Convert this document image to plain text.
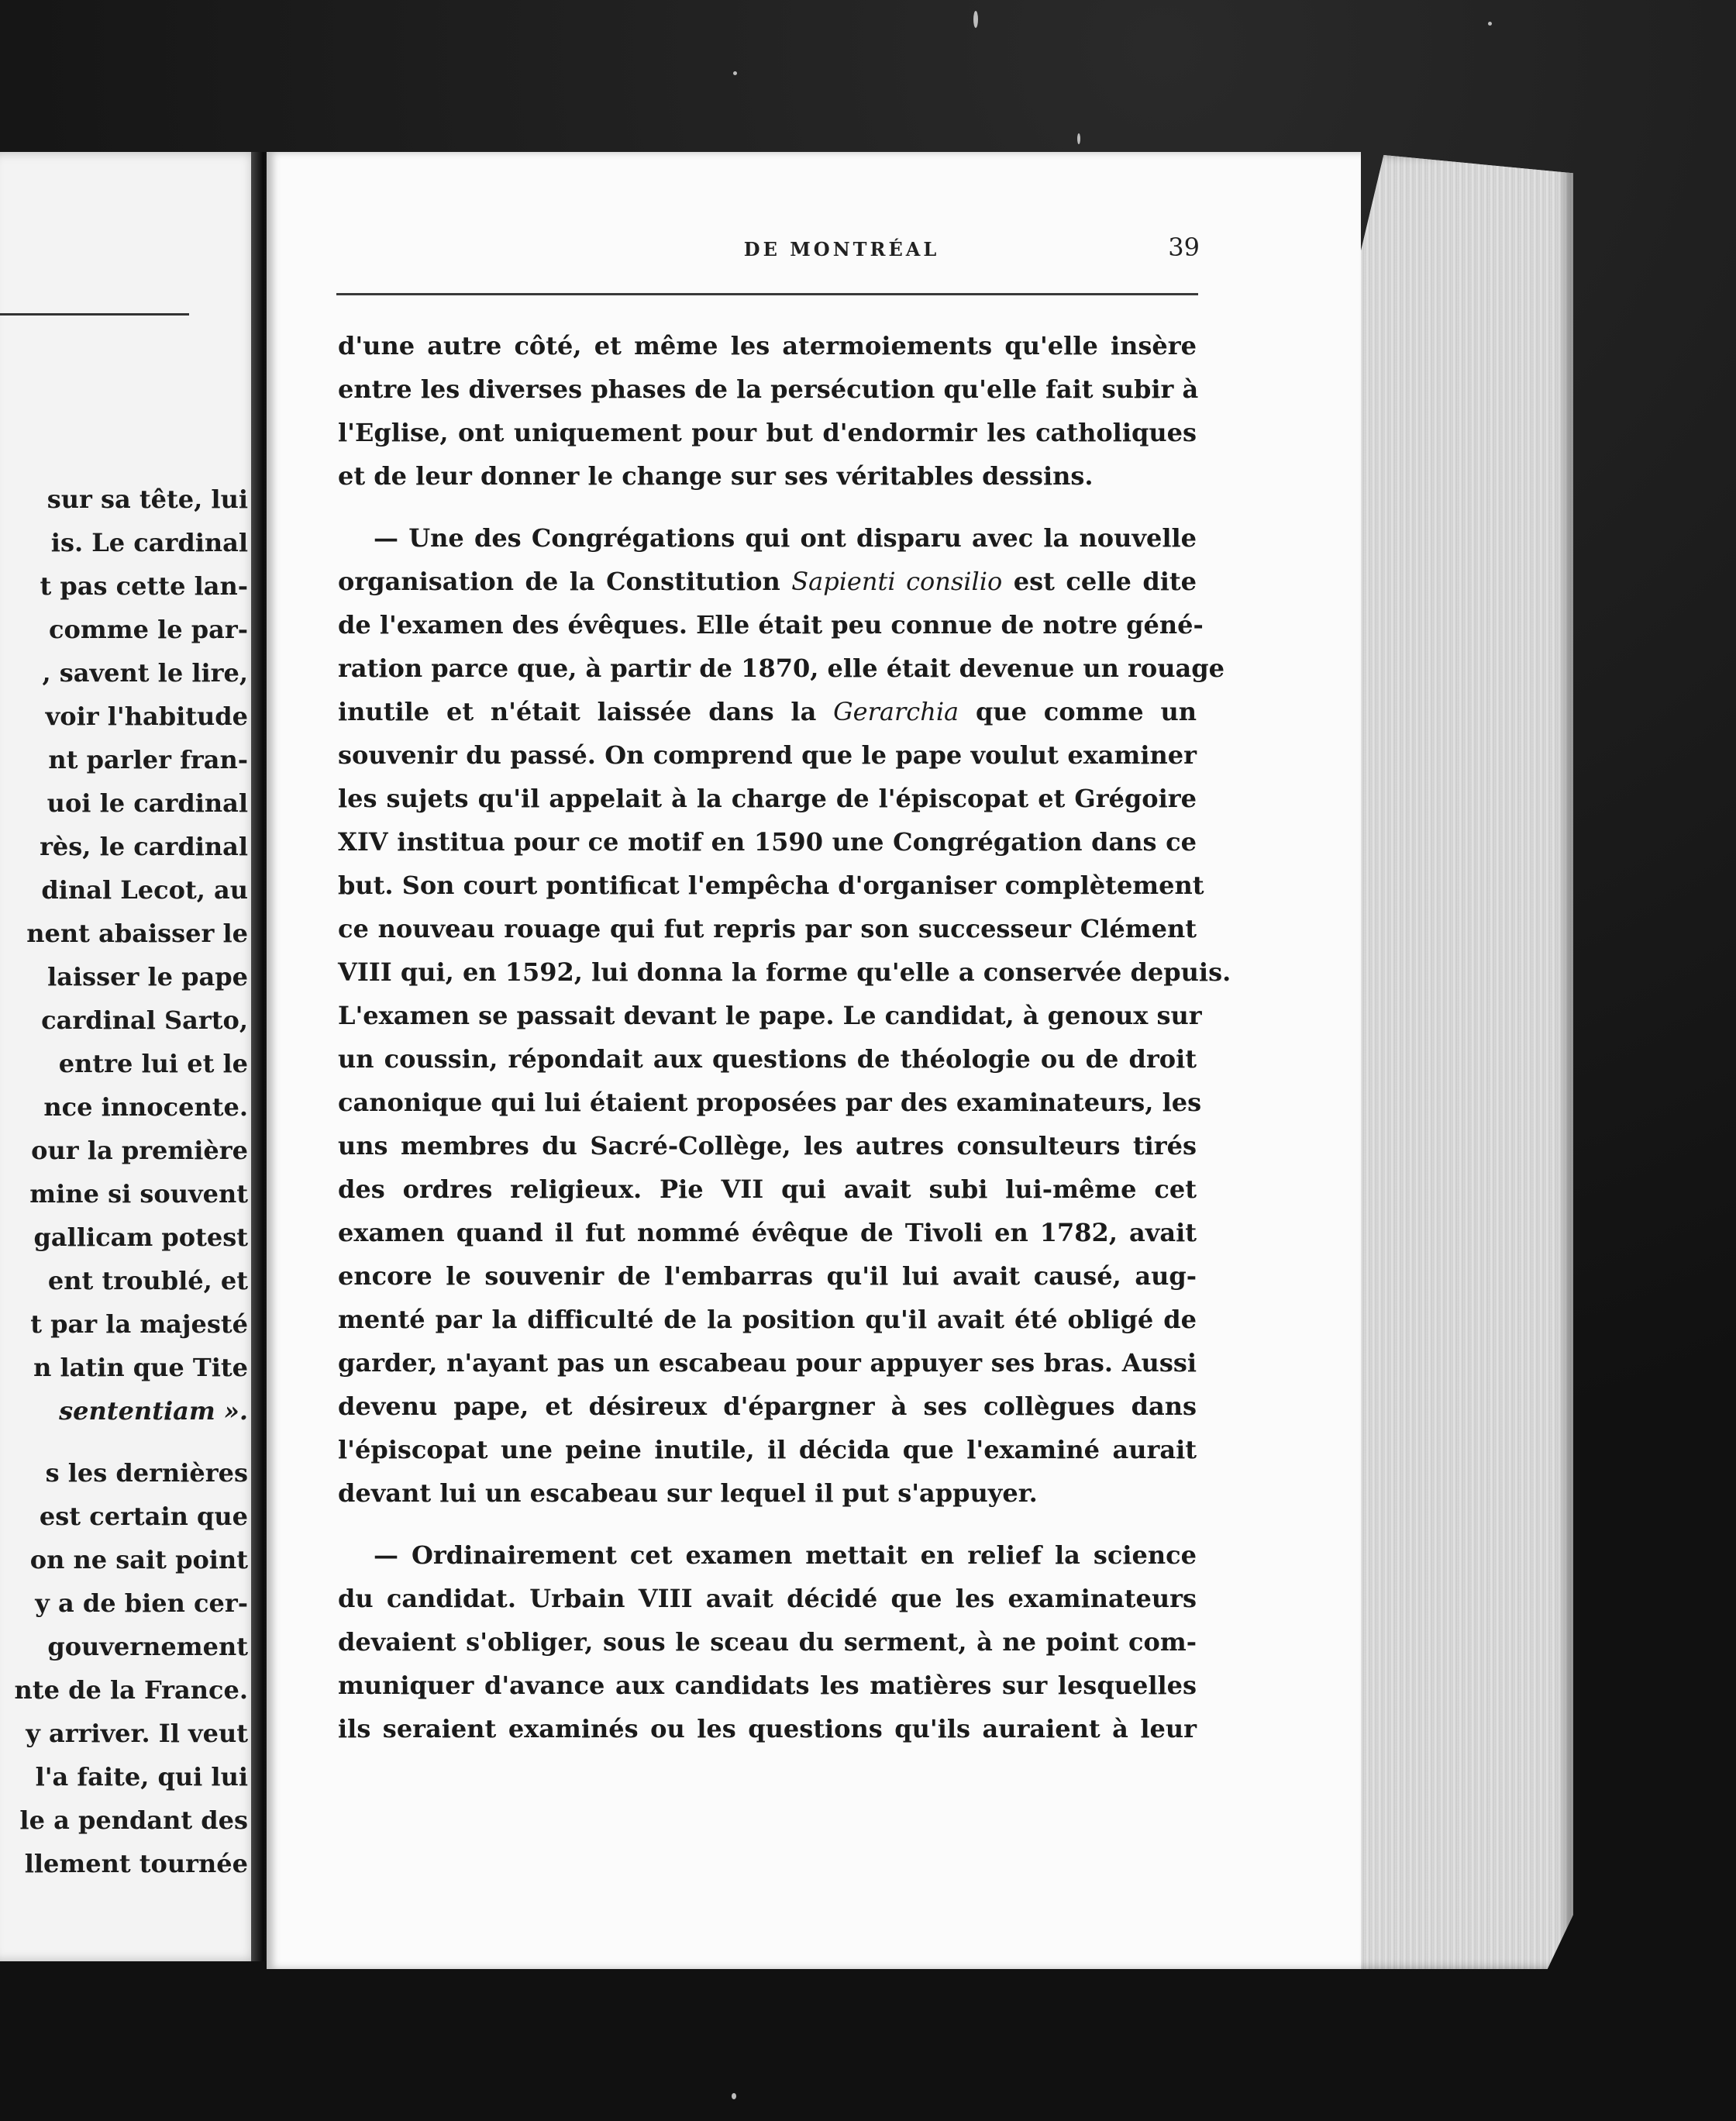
sur sa tête, lui
is. Le cardinal
t pas cette lan-
comme le par-
, savent le lire,
voir l'habitude
nt parler fran-
uoi le cardinal
rès, le cardinal
dinal Lecot, au
nent abaisser le
laisser le pape
cardinal Sarto,
entre lui et le
nce innocente.
our la première
mine si souvent
gallicam potest
ent troublé, et
t par la majesté
n latin que Tite
sententiam ».
s les dernières
est certain que
on ne sait point
y a de bien cer-
gouvernement
nte de la France.
y arriver. Il veut
l'a faite, qui lui
le a pendant des
llement tournée
DE MONTRÉAL	39
d'une autre côté, et même les atermoiements qu'elle insère
entre les diverses phases de la persécution qu'elle fait subir à
l'Eglise, ont uniquement pour but d'endormir les catholiques
et de leur donner le change sur ses véritables dessins.
— Une des Congrégations qui ont disparu avec la nouvelle
organisation de la Constitution Sapienti consilio est celle dite
de l'examen des évêques. Elle était peu connue de notre géné-
ration parce que, à partir de 1870, elle était devenue un rouage
inutile et n'était laissée dans la Gerarchia que comme un
souvenir du passé. On comprend que le pape voulut examiner
les sujets qu'il appelait à la charge de l'épiscopat et Grégoire
XIV institua pour ce motif en 1590 une Congrégation dans ce
but. Son court pontificat l'empêcha d'organiser complètement
ce nouveau rouage qui fut repris par son successeur Clément
VIII qui, en 1592, lui donna la forme qu'elle a conservée depuis.
L'examen se passait devant le pape. Le candidat, à genoux sur
un coussin, répondait aux questions de théologie ou de droit
canonique qui lui étaient proposées par des examinateurs, les
uns membres du Sacré-Collège, les autres consulteurs tirés
des ordres religieux. Pie VII qui avait subi lui-même cet
examen quand il fut nommé évêque de Tivoli en 1782, avait
encore le souvenir de l'embarras qu'il lui avait causé, aug-
menté par la difficulté de la position qu'il avait été obligé de
garder, n'ayant pas un escabeau pour appuyer ses bras. Aussi
devenu pape, et désireux d'épargner à ses collègues dans
l'épiscopat une peine inutile, il décida que l'examiné aurait
devant lui un escabeau sur lequel il put s'appuyer.
— Ordinairement cet examen mettait en relief la science
du candidat. Urbain VIII avait décidé que les examinateurs
devaient s'obliger, sous le sceau du serment, à ne point com-
muniquer d'avance aux candidats les matières sur lesquelles
ils seraient examinés ou les questions qu'ils auraient à leur
